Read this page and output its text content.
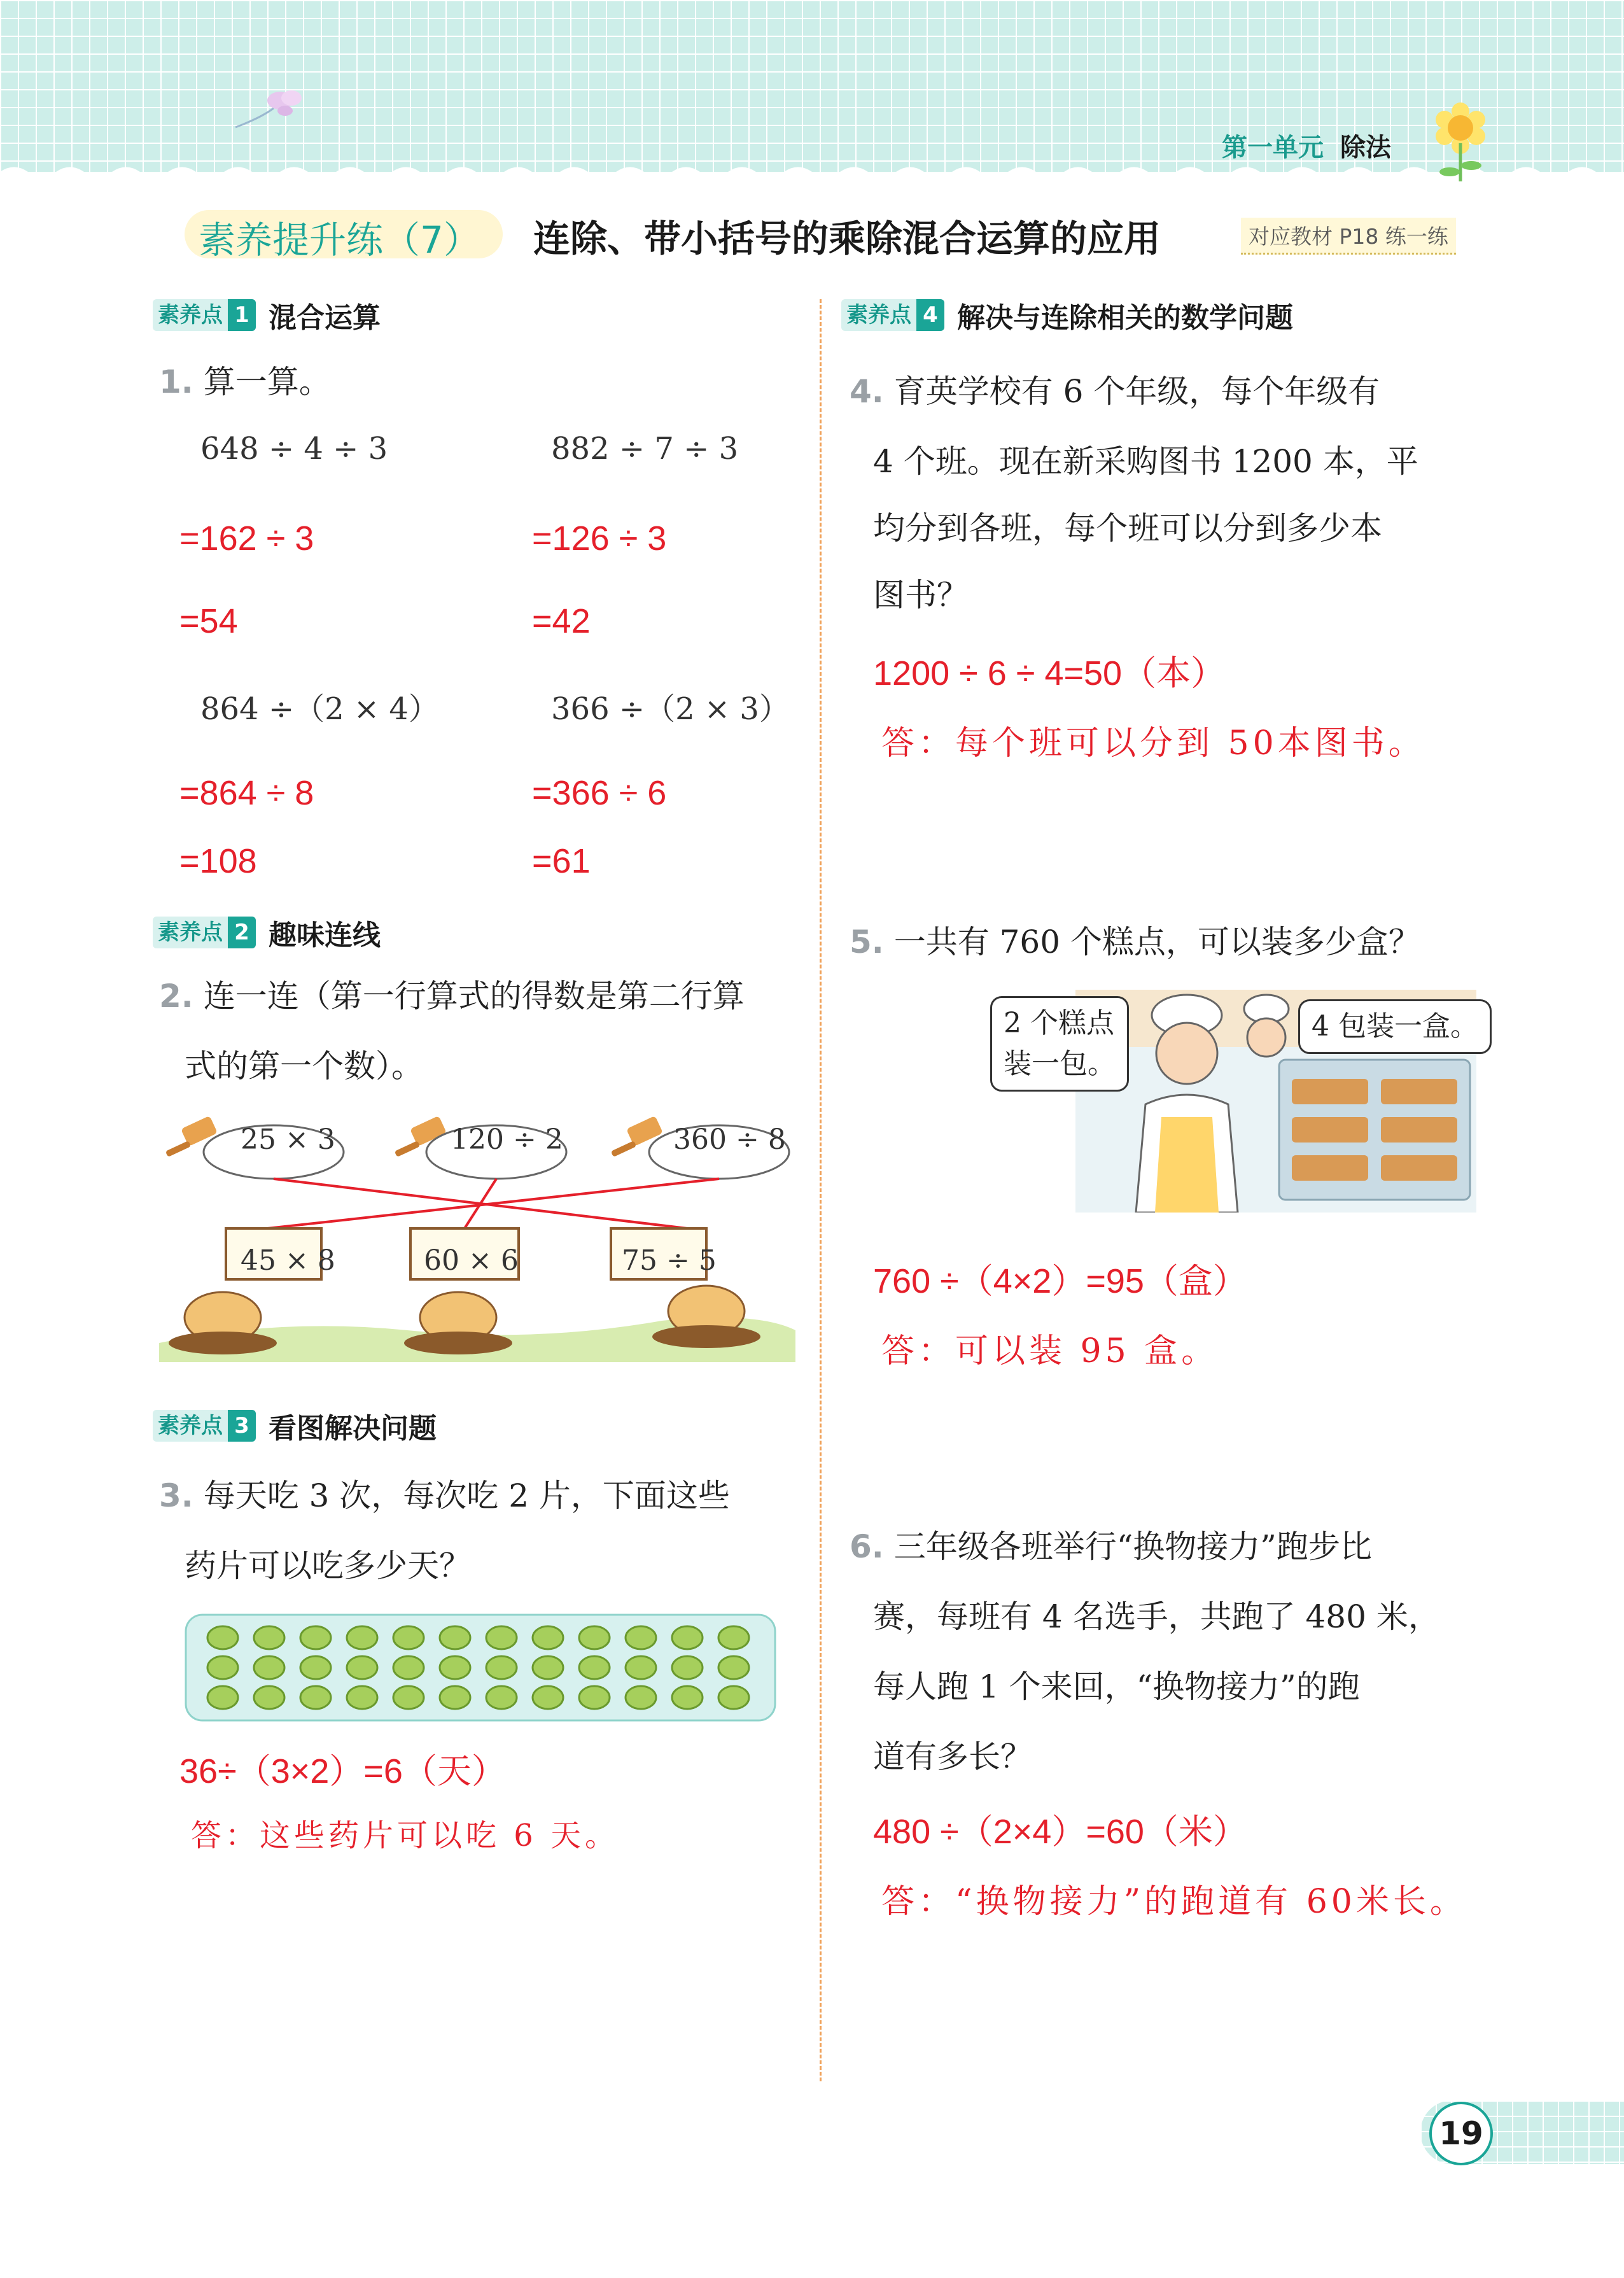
第一单元 除法
素养提升练（7） 连除、带小括号的乘除混合运算的应用	对应教材 P18 练一练
素养点 1 混合运算
1. 算一算。
648 ÷ 4 ÷ 3
=162 ÷ 3
=54
882 ÷ 7 ÷ 3
=126 ÷ 3
=42
864 ÷（2 × 4）
=864 ÷ 8
=108
366 ÷（2 × 3）
=366 ÷ 6
=61
素养点 2 趣味连线
2. 连一连（第一行算式的得数是第二行算
式的第一个数）。
25 × 3	120 ÷ 2	360 ÷ 8
45 × 8	60 × 6	75 ÷ 5
素养点 3 看图解决问题
3. 每天吃 3 次，每次吃 2 片，下面这些
药片可以吃多少天？
36÷（3×2）=6（天）
答：这些药片可以吃 6 天。
素养点 4 解决与连除相关的数学问题
4. 育英学校有 6 个年级，每个年级有
4 个班。现在新采购图书 1200 本，平
均分到各班，每个班可以分到多少本
图书？
1200 ÷ 6 ÷ 4=50（本）
答：每个班可以分到 50本图书。
5. 一共有 760 个糕点，可以装多少盒？
2 个糕点
装一包。
4 包装一盒。
760 ÷（4×2）=95（盒）
答：可以装 95 盒。
6. 三年级各班举行“换物接力”跑步比
赛，每班有 4 名选手，共跑了 480 米，
每人跑 1 个来回，“换物接力”的跑
道有多长？
480 ÷（2×4）=60（米）
答：“换物接力”的跑道有 60米长。
19
